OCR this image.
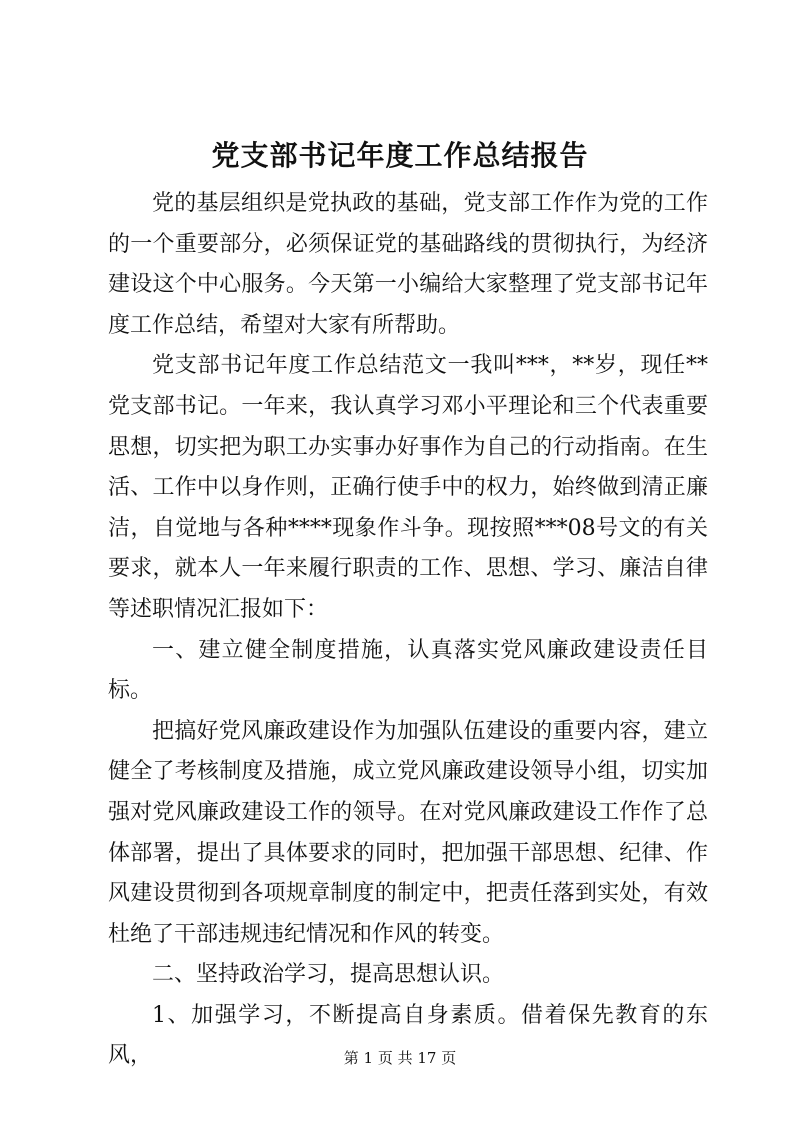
党支部书记年度工作总结报告

党的基层组织是党执政的基础，党支部工作作为党的工作的一个重要部分，必须保证党的基础路线的贯彻执行，为经济建设这个中心服务。今天第一小编给大家整理了党支部书记年度工作总结，希望对大家有所帮助。

党支部书记年度工作总结范文一我叫***，**岁，现任**党支部书记。一年来，我认真学习邓小平理论和三个代表重要思想，切实把为职工办实事办好事作为自己的行动指南。在生活、工作中以身作则，正确行使手中的权力，始终做到清正廉洁，自觉地与各种****现象作斗争。现按照***08号文的有关要求，就本人一年来履行职责的工作、思想、学习、廉洁自律等述职情况汇报如下：

一、建立健全制度措施，认真落实党风廉政建设责任目标。

把搞好党风廉政建设作为加强队伍建设的重要内容，建立健全了考核制度及措施，成立党风廉政建设领导小组，切实加强对党风廉政建设工作的领导。在对党风廉政建设工作作了总体部署，提出了具体要求的同时，把加强干部思想、纪律、作风建设贯彻到各项规章制度的制定中，把责任落到实处，有效杜绝了干部违规违纪情况和作风的转变。

二、坚持政治学习，提高思想认识。

1、加强学习，不断提高自身素质。借着保先教育的东风，	第 1 页 共 17 页
